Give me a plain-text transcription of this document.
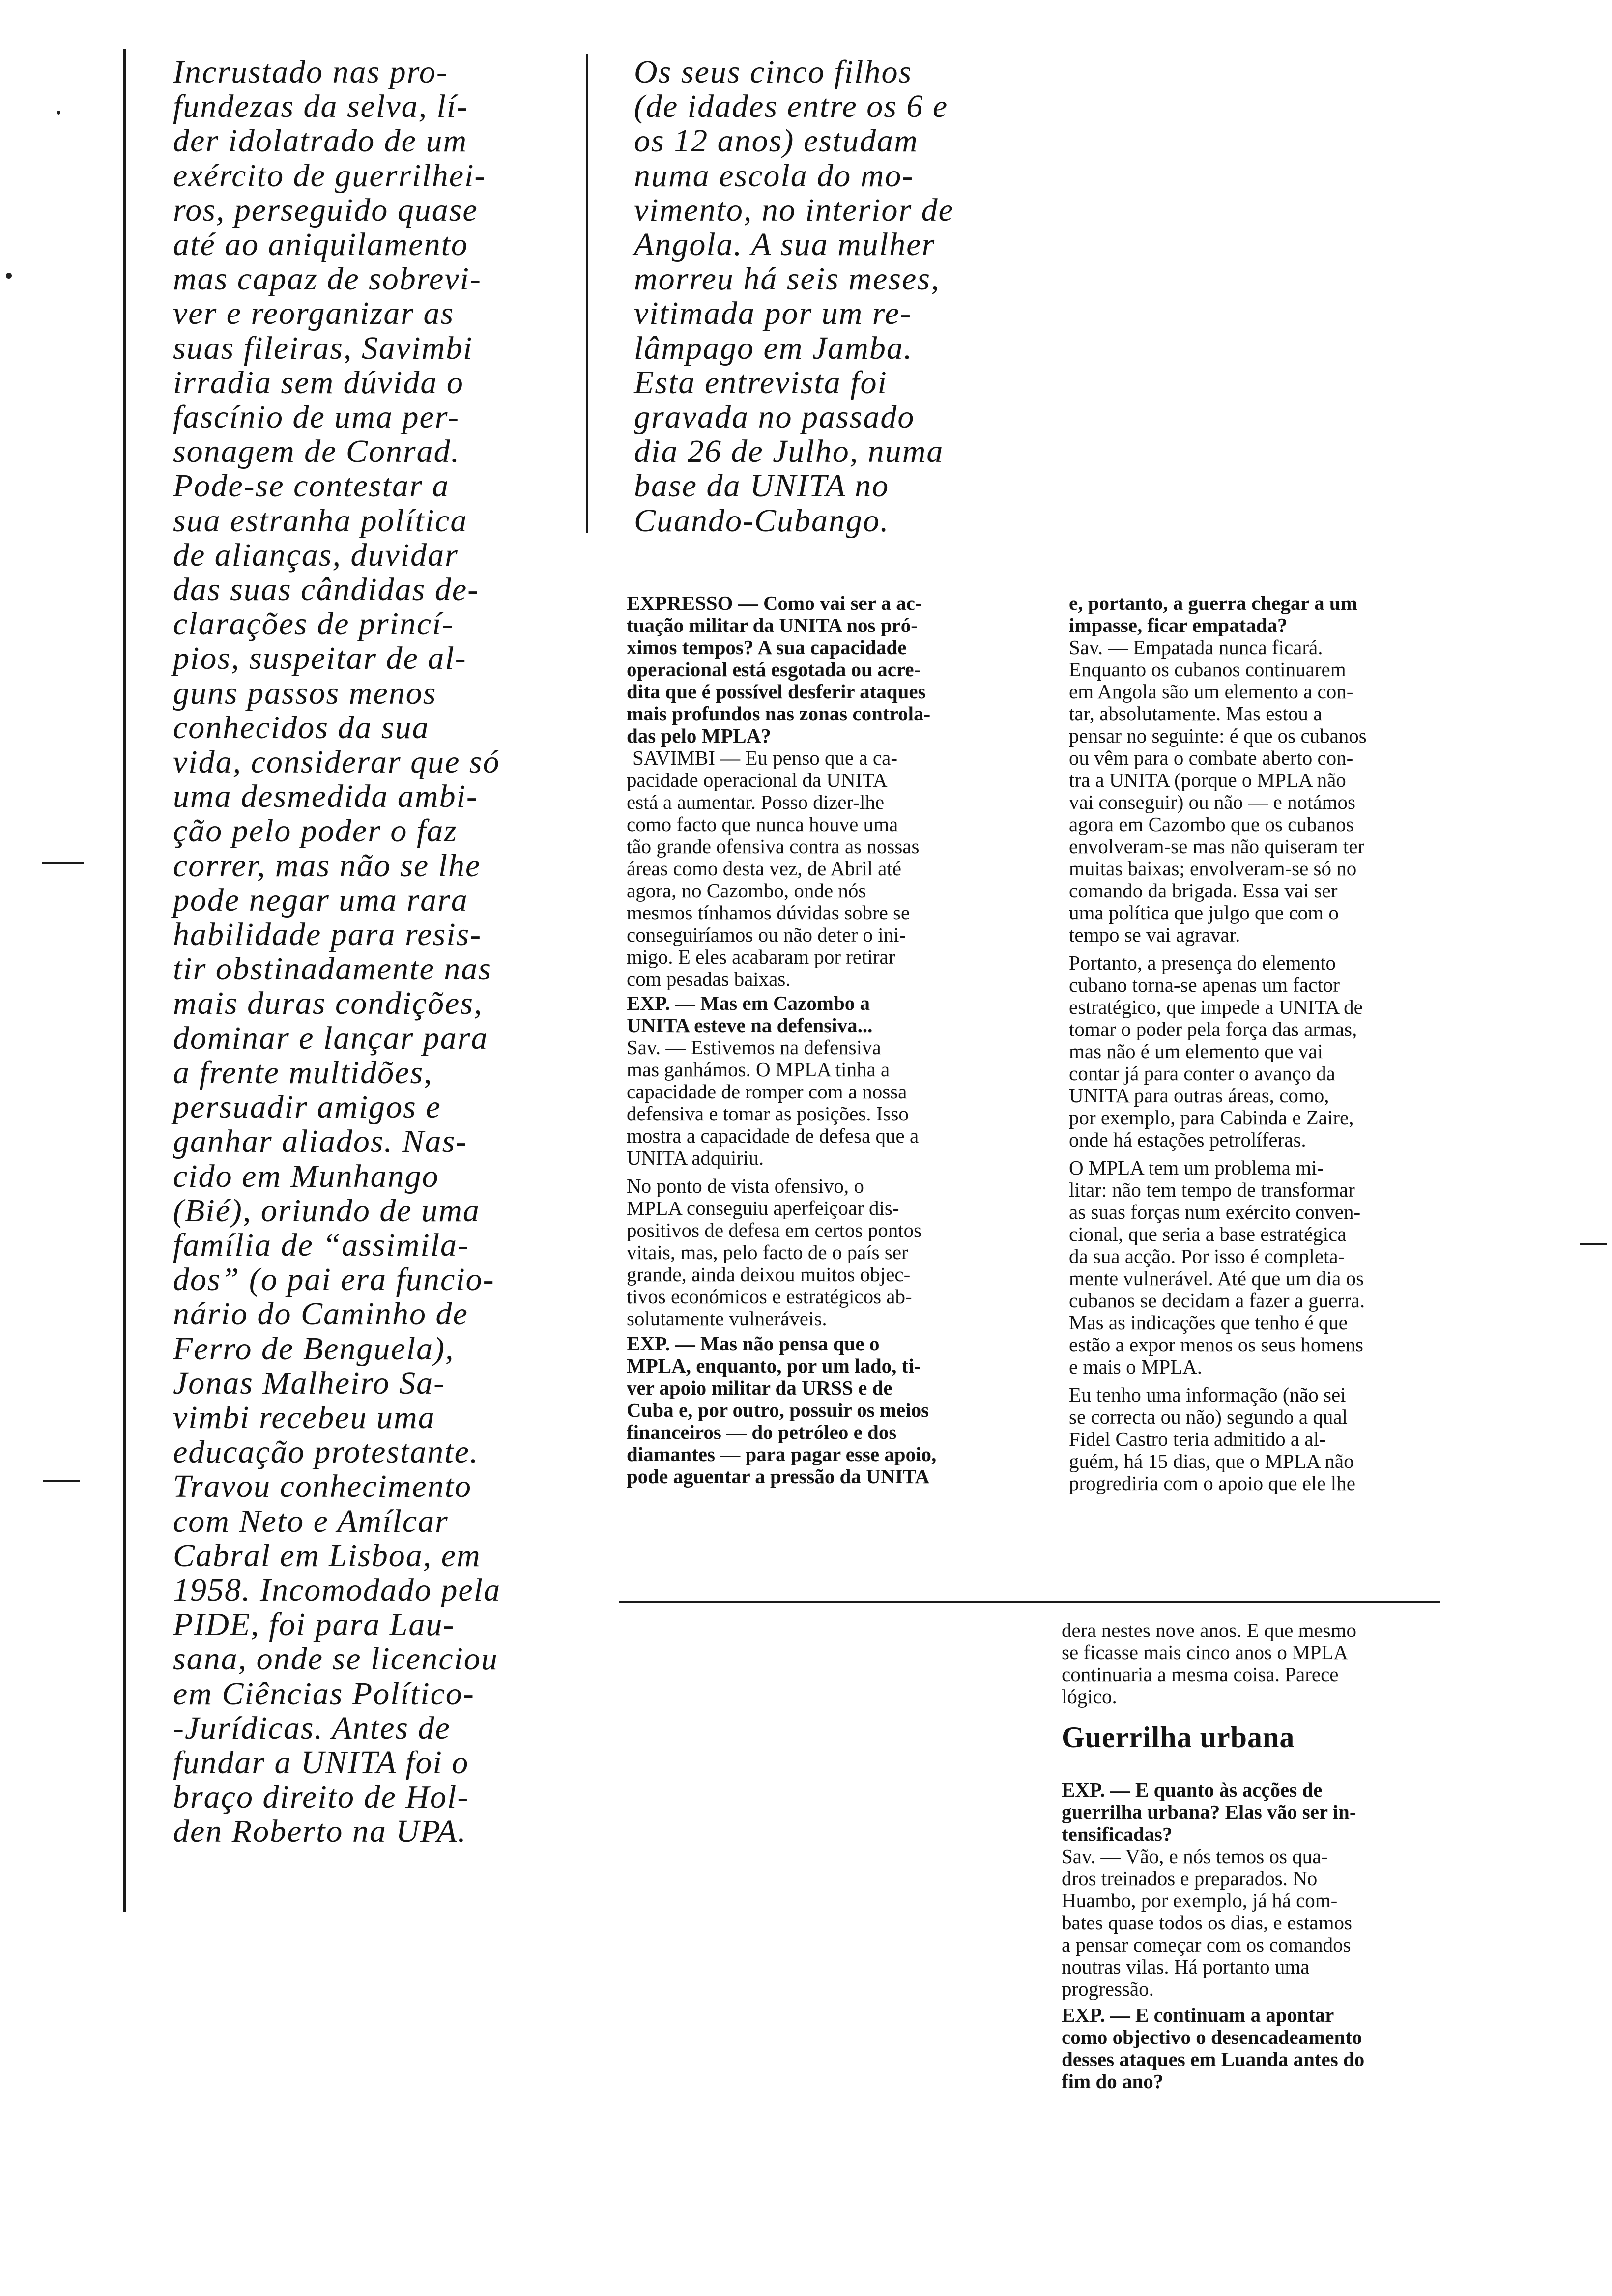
Incrustado nas pro-
fundezas da selva, lí-
der idolatrado de um
exército de guerrilhei-
ros, perseguido quase
até ao aniquilamento
mas capaz de sobrevi-
ver e reorganizar as
suas fileiras, Savimbi
irradia sem dúvida o
fascínio de uma per-
sonagem de Conrad.
Pode-se contestar a
sua estranha política
de alianças, duvidar
das suas cândidas de-
clarações de princí-
pios, suspeitar de al-
guns passos menos
conhecidos da sua
vida, considerar que só
uma desmedida ambi-
ção pelo poder o faz
correr, mas não se lhe
pode negar uma rara
habilidade para resis-
tir obstinadamente nas
mais duras condições,
dominar e lançar para
a frente multidões,
persuadir amigos e
ganhar aliados. Nas-
cido em Munhango
(Bié), oriundo de uma
família de “assimila-
dos” (o pai era funcio-
nário do Caminho de
Ferro de Benguela),
Jonas Malheiro Sa-
vimbi recebeu uma
educação protestante.
Travou conhecimento
com Neto e Amílcar
Cabral em Lisboa, em
1958. Incomodado pela
PIDE, foi para Lau-
sana, onde se licenciou
em Ciências Político-
-Jurídicas. Antes de
fundar a UNITA foi o
braço direito de Hol-
den Roberto na UPA.

Os seus cinco filhos
(de idades entre os 6 e
os 12 anos) estudam
numa escola do mo-
vimento, no interior de
Angola. A sua mulher
morreu há seis meses,
vitimada por um re-
lâmpago em Jamba.
Esta entrevista foi
gravada no passado
dia 26 de Julho, numa
base da UNITA no
Cuando-Cubango.

EXPRESSO — Como vai ser a ac-
tuação militar da UNITA nos pró-
ximos tempos? A sua capacidade
operacional está esgotada ou acre-
dita que é possível desferir ataques
mais profundos nas zonas controla-
das pelo MPLA?

SAVIMBI — Eu penso que a ca-
pacidade operacional da UNITA
está a aumentar. Posso dizer-lhe
como facto que nunca houve uma
tão grande ofensiva contra as nossas
áreas como desta vez, de Abril até
agora, no Cazombo, onde nós
mesmos tínhamos dúvidas sobre se
conseguiríamos ou não deter o ini-
migo. E eles acabaram por retirar
com pesadas baixas.

EXP. — Mas em Cazombo a
UNITA esteve na defensiva...

Sav. — Estivemos na defensiva
mas ganhámos. O MPLA tinha a
capacidade de romper com a nossa
defensiva e tomar as posições. Isso
mostra a capacidade de defesa que a
UNITA adquiriu.

No ponto de vista ofensivo, o
MPLA conseguiu aperfeiçoar dis-
positivos de defesa em certos pontos
vitais, mas, pelo facto de o país ser
grande, ainda deixou muitos objec-
tivos económicos e estratégicos ab-
solutamente vulneráveis.

EXP. — Mas não pensa que o
MPLA, enquanto, por um lado, ti-
ver apoio militar da URSS e de
Cuba e, por outro, possuir os meios
financeiros — do petróleo e dos
diamantes — para pagar esse apoio,
pode aguentar a pressão da UNITA

e, portanto, a guerra chegar a um
impasse, ficar empatada?

Sav. — Empatada nunca ficará.
Enquanto os cubanos continuarem
em Angola são um elemento a con-
tar, absolutamente. Mas estou a
pensar no seguinte: é que os cubanos
ou vêm para o combate aberto con-
tra a UNITA (porque o MPLA não
vai conseguir) ou não — e notámos
agora em Cazombo que os cubanos
envolveram-se mas não quiseram ter
muitas baixas; envolveram-se só no
comando da brigada. Essa vai ser
uma política que julgo que com o
tempo se vai agravar.

Portanto, a presença do elemento
cubano torna-se apenas um factor
estratégico, que impede a UNITA de
tomar o poder pela força das armas,
mas não é um elemento que vai
contar já para conter o avanço da
UNITA para outras áreas, como,
por exemplo, para Cabinda e Zaire,
onde há estações petrolíferas.

O MPLA tem um problema mi-
litar: não tem tempo de transformar
as suas forças num exército conven-
cional, que seria a base estratégica
da sua acção. Por isso é completa-
mente vulnerável. Até que um dia os
cubanos se decidam a fazer a guerra.
Mas as indicações que tenho é que
estão a expor menos os seus homens
e mais o MPLA.

Eu tenho uma informação (não sei
se correcta ou não) segundo a qual
Fidel Castro teria admitido a al-
guém, há 15 dias, que o MPLA não
progrediria com o apoio que ele lhe

dera nestes nove anos. E que mesmo
se ficasse mais cinco anos o MPLA
continuaria a mesma coisa. Parece
lógico.

Guerrilha urbana

EXP. — E quanto às acções de
guerrilha urbana? Elas vão ser in-
tensificadas?

Sav. — Vão, e nós temos os qua-
dros treinados e preparados. No
Huambo, por exemplo, já há com-
bates quase todos os dias, e estamos
a pensar começar com os comandos
noutras vilas. Há portanto uma
progressão.

EXP. — E continuam a apontar
como objectivo o desencadeamento
desses ataques em Luanda antes do
fim do ano?
